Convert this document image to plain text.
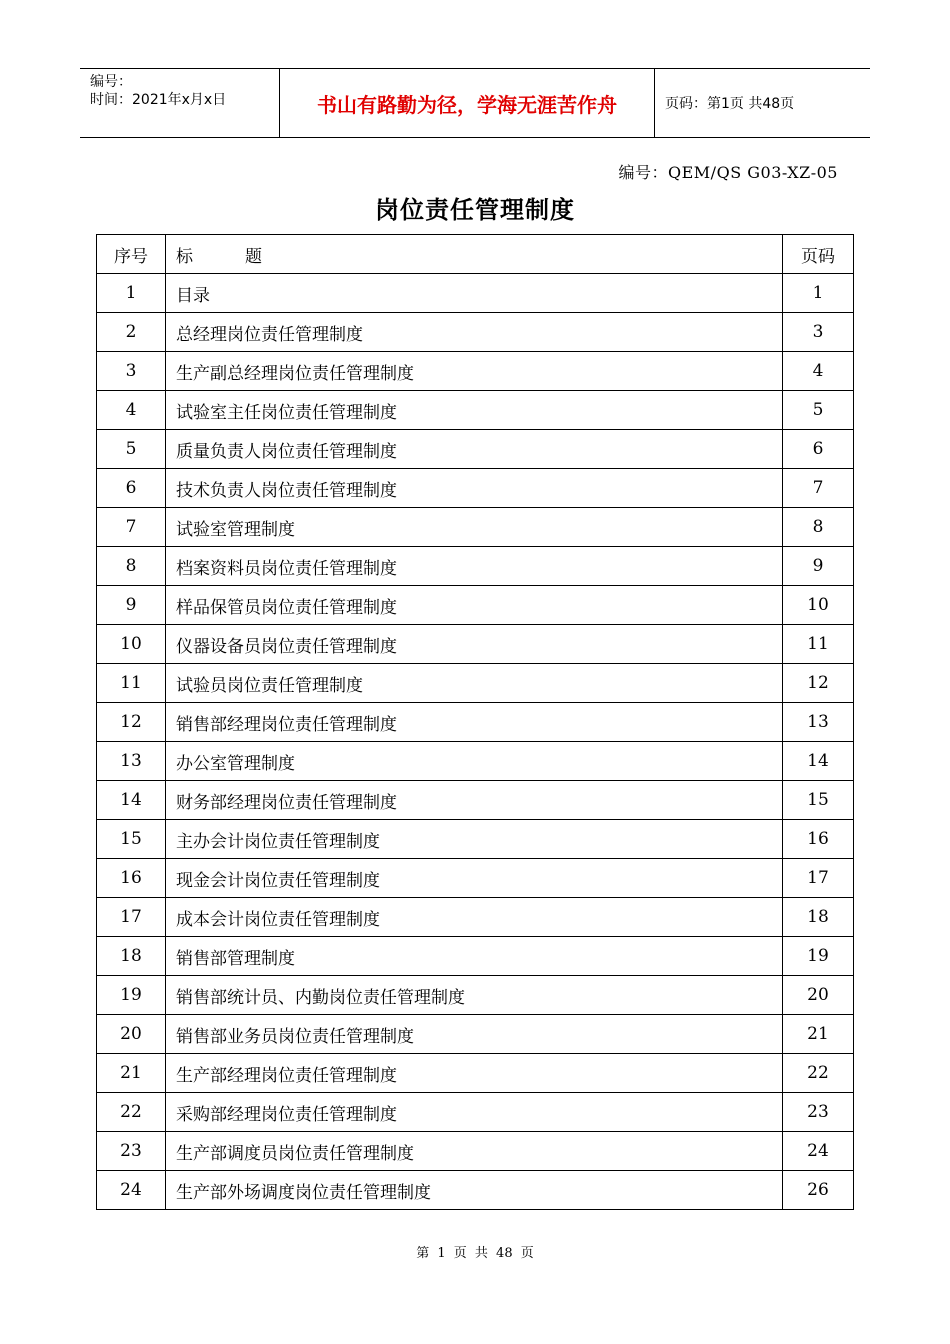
编号：
时间：2021年x月x日	书山有路勤为径，学海无涯苦作舟	页码：第1页 共48页
编号：QEM/QS G03-XZ-05
岗位责任管理制度
序号	标 题	页码
1	目录	1
2	总经理岗位责任管理制度	3
3	生产副总经理岗位责任管理制度	4
4	试验室主任岗位责任管理制度	5
5	质量负责人岗位责任管理制度	6
6	技术负责人岗位责任管理制度	7
7	试验室管理制度	8
8	档案资料员岗位责任管理制度	9
9	样品保管员岗位责任管理制度	10
10	仪器设备员岗位责任管理制度	11
11	试验员岗位责任管理制度	12
12	销售部经理岗位责任管理制度	13
13	办公室管理制度	14
14	财务部经理岗位责任管理制度	15
15	主办会计岗位责任管理制度	16
16	现金会计岗位责任管理制度	17
17	成本会计岗位责任管理制度	18
18	销售部管理制度	19
19	销售部统计员、内勤岗位责任管理制度	20
20	销售部业务员岗位责任管理制度	21
21	生产部经理岗位责任管理制度	22
22	采购部经理岗位责任管理制度	23
23	生产部调度员岗位责任管理制度	24
24	生产部外场调度岗位责任管理制度	26
第 1 页 共 48 页
